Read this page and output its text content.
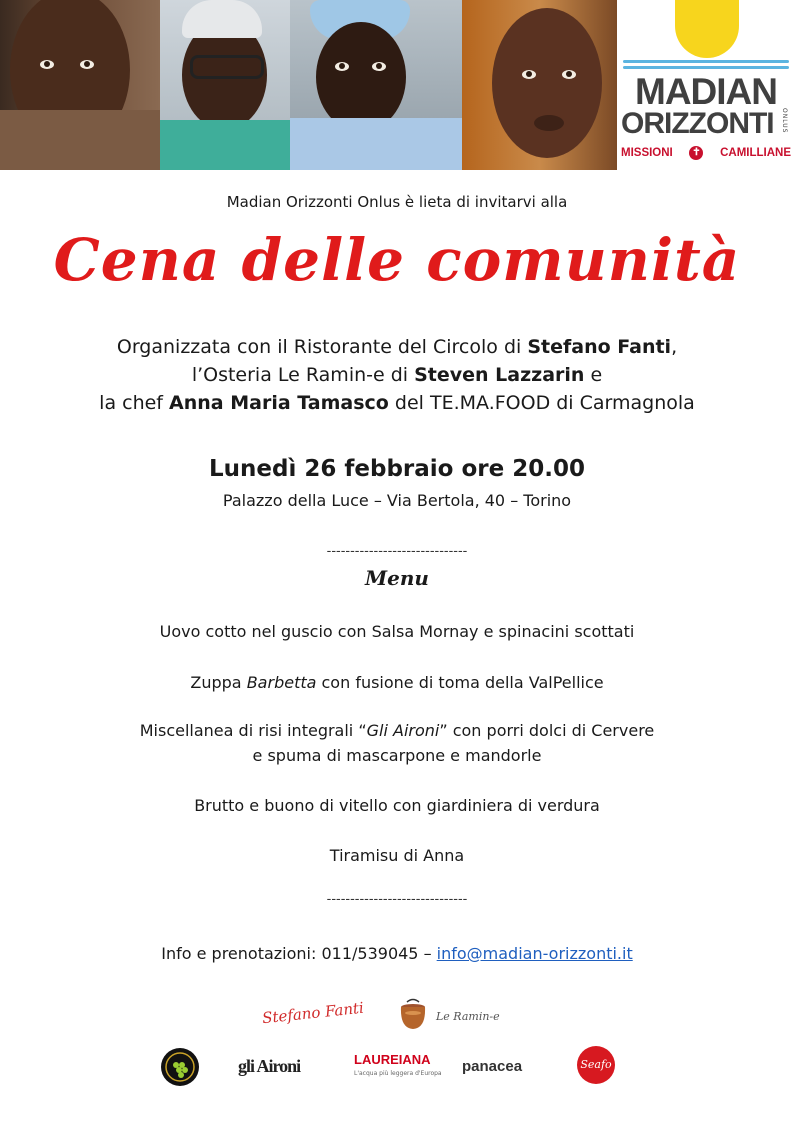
MADIAN
ORIZZONTI	ONLUS
MISSIONI ✝ CAMILLIANE
Madian Orizzonti Onlus è lieta di invitarvi alla
Cena delle comunità
Organizzata con il Ristorante del Circolo di Stefano Fanti,
l’Osteria Le Ramin-e di Steven Lazzarin e
la chef Anna Maria Tamasco del TE.MA.FOOD di Carmagnola
Lunedì 26 febbraio ore 20.00
Palazzo della Luce – Via Bertola, 40 – Torino
------------------------------
Menu
Uovo cotto nel guscio con Salsa Mornay e spinacini scottati
Zuppa Barbetta con fusione di toma della ValPellice
Miscellanea di risi integrali “Gli Aironi” con porri dolci di Cervere
e spuma di mascarpone e mandorle
Brutto e buono di vitello con giardiniera di verdura
Tiramisu di Anna
------------------------------
Info e prenotazioni: 011/539045 – info@madian-orizzonti.it
Stefano Fanti	Le Ramin-e
gli Aironi	LAUREIANA
L'acqua più leggera d'Europa panacea	Seafo
